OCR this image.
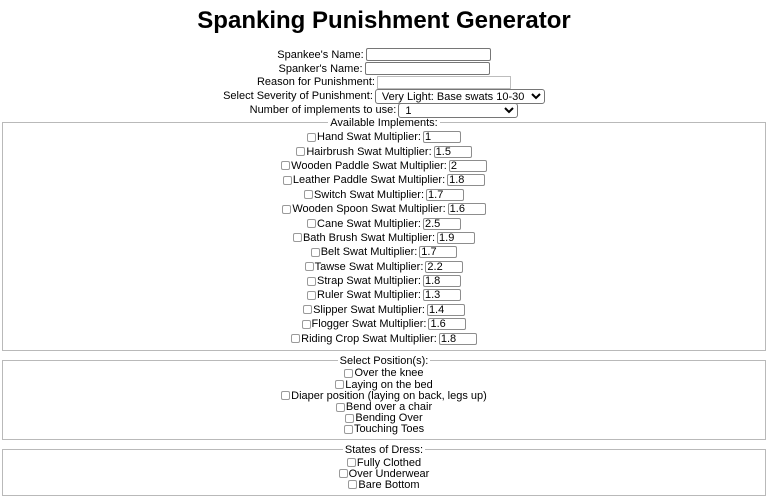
Spanking Punishment Generator
Spankee's Name:
Spanker's Name:
Reason for Punishment:
Select Severity of Punishment:
Very Light: Base swats 10-30
Number of implements to use:
1
Available Implements:
Hand Swat Multiplier:
1
Hairbrush Swat Multiplier:
1.5
Wooden Paddle Swat Multiplier:
2
Leather Paddle Swat Multiplier:
1.8
Switch Swat Multiplier:
1.7
Wooden Spoon Swat Multiplier:
1.6
Cane Swat Multiplier:
2.5
Bath Brush Swat Multiplier:
1.9
Belt Swat Multiplier:
1.7
Tawse Swat Multiplier:
2.2
Strap Swat Multiplier:
1.8
Ruler Swat Multiplier:
1.3
Slipper Swat Multiplier:
1.4
Flogger Swat Multiplier:
1.6
Riding Crop Swat Multiplier:
1.8
Select Position(s):
Over the knee
Laying on the bed
Diaper position (laying on back, legs up)
Bend over a chair
Bending Over
Touching Toes
States of Dress:
Fully Clothed
Over Underwear
Bare Bottom
